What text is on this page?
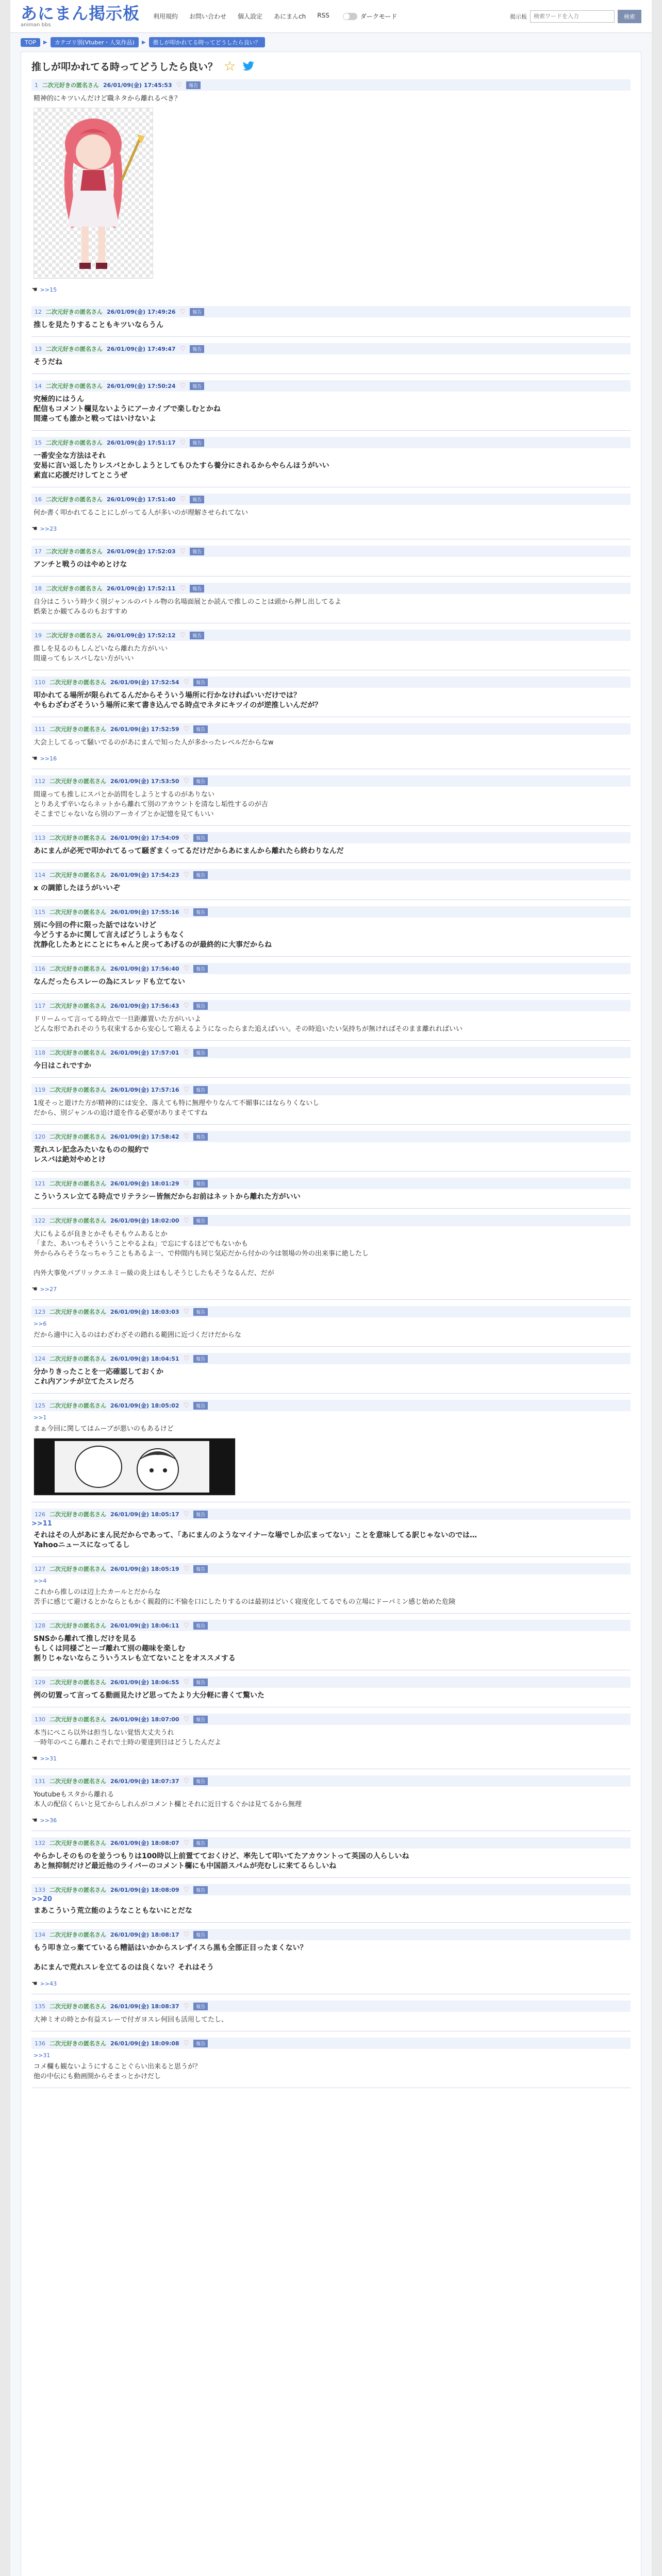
あにまん掲示板
animan bbs
利用規約 お問い合わせ 個人設定 あにまんch RSS	ダークモード	掲示板
検索ワードを入力	検索
TOP	▶	カテゴリ別(Vtuber・人気作品)	▶	推しが叩かれてる時ってどうしたら良い？
推しが叩かれてる時ってどうしたら良い？ ☆
1 二次元好きの匿名さん 26/01/09(金) 17:45:53 ♡	報告
精神的にキツいんだけど職ネタから離れるべき？
☚ >>15
12 二次元好きの匿名さん 26/01/09(金) 17:49:26 ♡	報告
推しを見たりすることもキツいならうん
13 二次元好きの匿名さん 26/01/09(金) 17:49:47 ♡	報告
そうだね
14 二次元好きの匿名さん 26/01/09(金) 17:50:24 ♡	報告
究極的にはうん
配信もコメント欄見ないようにアーカイブで楽しむとかね
間違っても誰かと戦ってはいけないよ
15 二次元好きの匿名さん 26/01/09(金) 17:51:17 ♡	報告
一番安全な方法はそれ
安易に言い返したりレスバとかしようとしてもひたすら養分にされるからやらんほうがいい
素直に応援だけしてとこうぜ
16 二次元好きの匿名さん 26/01/09(金) 17:51:40 ♡	報告
何か書く叩かれてることにしがってる人が多いのが理解させられてない
☚ >>23
17 二次元好きの匿名さん 26/01/09(金) 17:52:03 ♡	報告
アンチと戦うのはやめとけな
18 二次元好きの匿名さん 26/01/09(金) 17:52:11 ♡	報告
自分はこういう時少く別ジャンルのバトル物の名場面展とか読んで推しのことは頭から押し出してるよ
娯楽とか観てみるのもおすすめ
19 二次元好きの匿名さん 26/01/09(金) 17:52:12 ♡	報告
推しを見るのもしんどいなら離れた方がいい
間違ってもレスバしない方がいい
110 二次元好きの匿名さん 26/01/09(金) 17:52:54 ♡	報告
叩かれてる場所が限られてるんだからそういう場所に行かなければいいだけでは？
やもわざわざそういう場所に来て書き込んでる時点でネタにキツイのが逆推しいんだが？
111 二次元好きの匿名さん 26/01/09(金) 17:52:59 ♡	報告
大会上してるって騒いでるのがあにまんで知った人が多かったレベルだからなw
☚ >>16
112 二次元好きの匿名さん 26/01/09(金) 17:53:50 ♡	報告
間違っても推しにスパとか訪問をしようとするのがありない
とりあえず辛いならネットから離れて別のアカウントを清なし垢性するのが吉
そこまでじゃないなら別のアーカイブとか記憶を見てもいい
113 二次元好きの匿名さん 26/01/09(金) 17:54:09 ♡	報告
あにまんが必死で叩かれてるって騒ぎまくってるだけだからあにまんから離れたら終わりなんだ
114 二次元好きの匿名さん 26/01/09(金) 17:54:23 ♡	報告
x の調節したほうがいいぞ
115 二次元好きの匿名さん 26/01/09(金) 17:55:16 ♡	報告
別に今回の件に限った話ではないけど
今どうするかに関して言えばどうしようもなく
沈静化したあとにことにちゃんと戻ってあげるのが最終的に大事だからね
116 二次元好きの匿名さん 26/01/09(金) 17:56:40 ♡	報告
なんだったらスレーの為にスレッドも立てない
117 二次元好きの匿名さん 26/01/09(金) 17:56:43 ♡	報告
ドリームって言ってる時点で一旦距離置いた方がいいよ
どんな形であれそのうち収束するから安心して箱えるようになったらまた追えばいい。その時追いたい気持ちが無ければそのまま離れればいい
118 二次元好きの匿名さん 26/01/09(金) 17:57:01 ♡	報告
今日はこれですか
119 二次元好きの匿名さん 26/01/09(金) 17:57:16 ♡	報告
1度そっと遊けた方が精神的には安全、落えても特に無理やりなんて不媚事にはならりくないし
だから、別ジャンルの追け道を作る必要がありまそてすね
120 二次元好きの匿名さん 26/01/09(金) 17:58:42 ♡	報告
荒れスレ記念みたいなものの規約で
レスバは絶対やめとけ
121 二次元好きの匿名さん 26/01/09(金) 18:01:29 ♡	報告
こういうスレ立てる時点でリテラシー皆無だからお前はネットから離れた方がいい
122 二次元好きの匿名さん 26/01/09(金) 18:02:00 ♡	報告
大にもよるが良きとかそもそもウムあるとか
「また、あいつもそういうことやるよね」で忘にするほどでもないかも
外からみらそうなっちゃうこともあるよ一、で仲間内も同じ気応だから付かの今は領場の外の出来事に絶したし

内外大事免バブリックエネミー級の炎上はもしそうじしたもそうなるんだ、だが
☚ >>27
123 二次元好きの匿名さん 26/01/09(金) 18:03:03 ♡	報告
>>6
だから適中に入るのはわざわざその踏れる範囲に近づくだけだからな
124 二次元好きの匿名さん 26/01/09(金) 18:04:51 ♡	報告
分かりきったことを一応確認しておくか
これ内アンチが立てたスレだろ
125 二次元好きの匿名さん 26/01/09(金) 18:05:02 ♡	報告
>>1
まぁ今回に関してはムーブが悪いのもあるけど
126 二次元好きの匿名さん 26/01/09(金) 18:05:17 ♡	報告
>>11
それはその人があにまん民だからであって、「あにまんのようなマイナーな場でしか広まってない」ことを意味してる訳じゃないのでは…
Yahooニュースになってるし
127 二次元好きの匿名さん 26/01/09(金) 18:05:19 ♡	報告
>>4
これから推しのは辺上たカールとだからな
苦手に感じて避けるとかならともかく親殺的に不愉を口にしたりするのは最初はどいく寝度化してるでもの立場にドーパミン感じ始めた危険
128 二次元好きの匿名さん 26/01/09(金) 18:06:11 ♡	報告
SNSから離れて推しだけを見る
もしくは同様ごとーゴ離れて別の趣味を楽しむ
割りじゃないならこういうスレも立てないことをオススメする
129 二次元好きの匿名さん 26/01/09(金) 18:06:55 ♡	報告
例の切置って言ってる動画見たけど思ってたより大分軽に書くて驚いた
130 二次元好きの匿名さん 26/01/09(金) 18:07:00 ♡	報告
本当にぺこら以外は担当しない覚悟大丈夫うれ
一時年のぺこら離れこそれで土時の要達到日はどうしたんだよ
☚ >>31
131 二次元好きの匿名さん 26/01/09(金) 18:07:37 ♡	報告
Youtubeもスタから離れる
本人の配信くらいと見てからしれんがコメント欄とそれに近日するぐかは見てるから無理
☚ >>36
132 二次元好きの匿名さん 26/01/09(金) 18:08:07 ♡	報告
やらかしそのものを並うつもりは100時以上前置てておくけど、率先して叩いてたアカウントって英国の人らしいね
あと無抑制だけど最近他のライバーのコメント欄にも中国語スパムが売むしに来てるらしいね
133 二次元好きの匿名さん 26/01/09(金) 18:08:09 ♡	報告
>>20
まあこういう荒立能のようなこともないにとだな
134 二次元好きの匿名さん 26/01/09(金) 18:08:17 ♡	報告
もう叩き立っ棄てているら糟話はいかからスレずイスら黒も全部正目ったまくない？

あにまんで荒れスレを立てるのは良くない？それはそう
☚ >>43
135 二次元好きの匿名さん 26/01/09(金) 18:08:37 ♡	報告
大神ミオの時とか有益スレーで付ガヨスレ何回も活用してたし、
136 二次元好きの匿名さん 26/01/09(金) 18:09:08 ♡	報告
>>31
コメ欄も観ないようにすることぐらい出来ると思うが？
他の中伝にも動画開からそまっとかけだし
